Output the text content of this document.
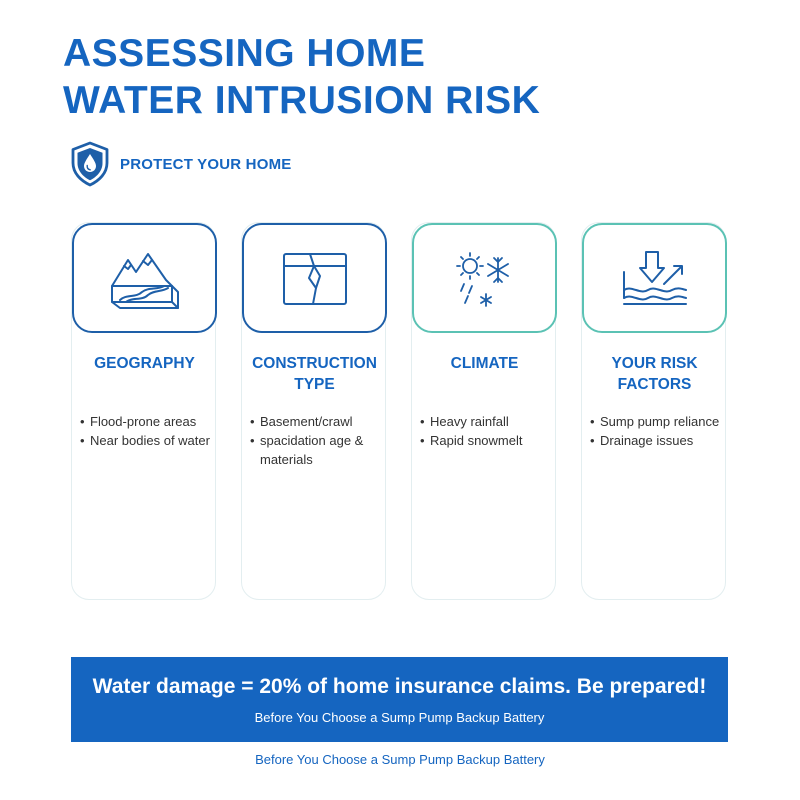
ASSESSING HOME
WATER INTRUSION RISK
PROTECT YOUR HOME

GEOGRAPHY

• Flood-prone areas
• Near bodies of water

CONSTRUCTION
TYPE

• Basement/crawl
• spacidation age & materials

CLIMATE

• Heavy rainfall
• Rapid snowmelt

YOUR RISK
FACTORS

• Sump pump reliance
• Drainage issues

Water damage = 20% of home insurance claims. Be prepared!

Before You Choose a Sump Pump Backup Battery

Before You Choose a Sump Pump Backup Battery
